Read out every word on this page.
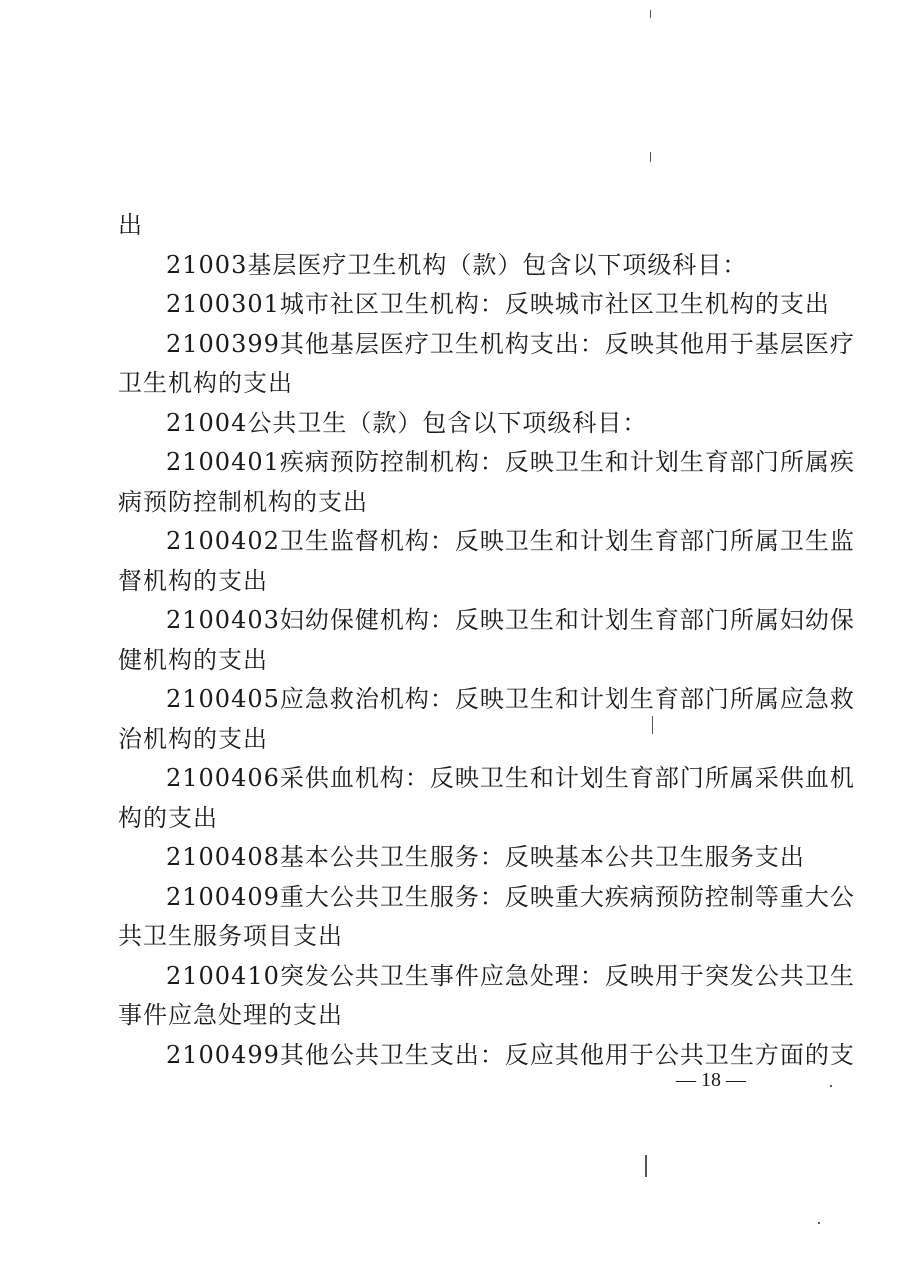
出
21003基层医疗卫生机构（款）包含以下项级科目：
2100301城市社区卫生机构：反映城市社区卫生机构的支出
2100399其他基层医疗卫生机构支出：反映其他用于基层医疗
卫生机构的支出
21004公共卫生（款）包含以下项级科目：
2100401疾病预防控制机构：反映卫生和计划生育部门所属疾
病预防控制机构的支出
2100402卫生监督机构：反映卫生和计划生育部门所属卫生监
督机构的支出
2100403妇幼保健机构：反映卫生和计划生育部门所属妇幼保
健机构的支出
2100405应急救治机构：反映卫生和计划生育部门所属应急救
治机构的支出
2100406采供血机构：反映卫生和计划生育部门所属采供血机
构的支出
2100408基本公共卫生服务：反映基本公共卫生服务支出
2100409重大公共卫生服务：反映重大疾病预防控制等重大公
共卫生服务项目支出
2100410突发公共卫生事件应急处理：反映用于突发公共卫生
事件应急处理的支出
2100499其他公共卫生支出：反应其他用于公共卫生方面的支
— 18 —
